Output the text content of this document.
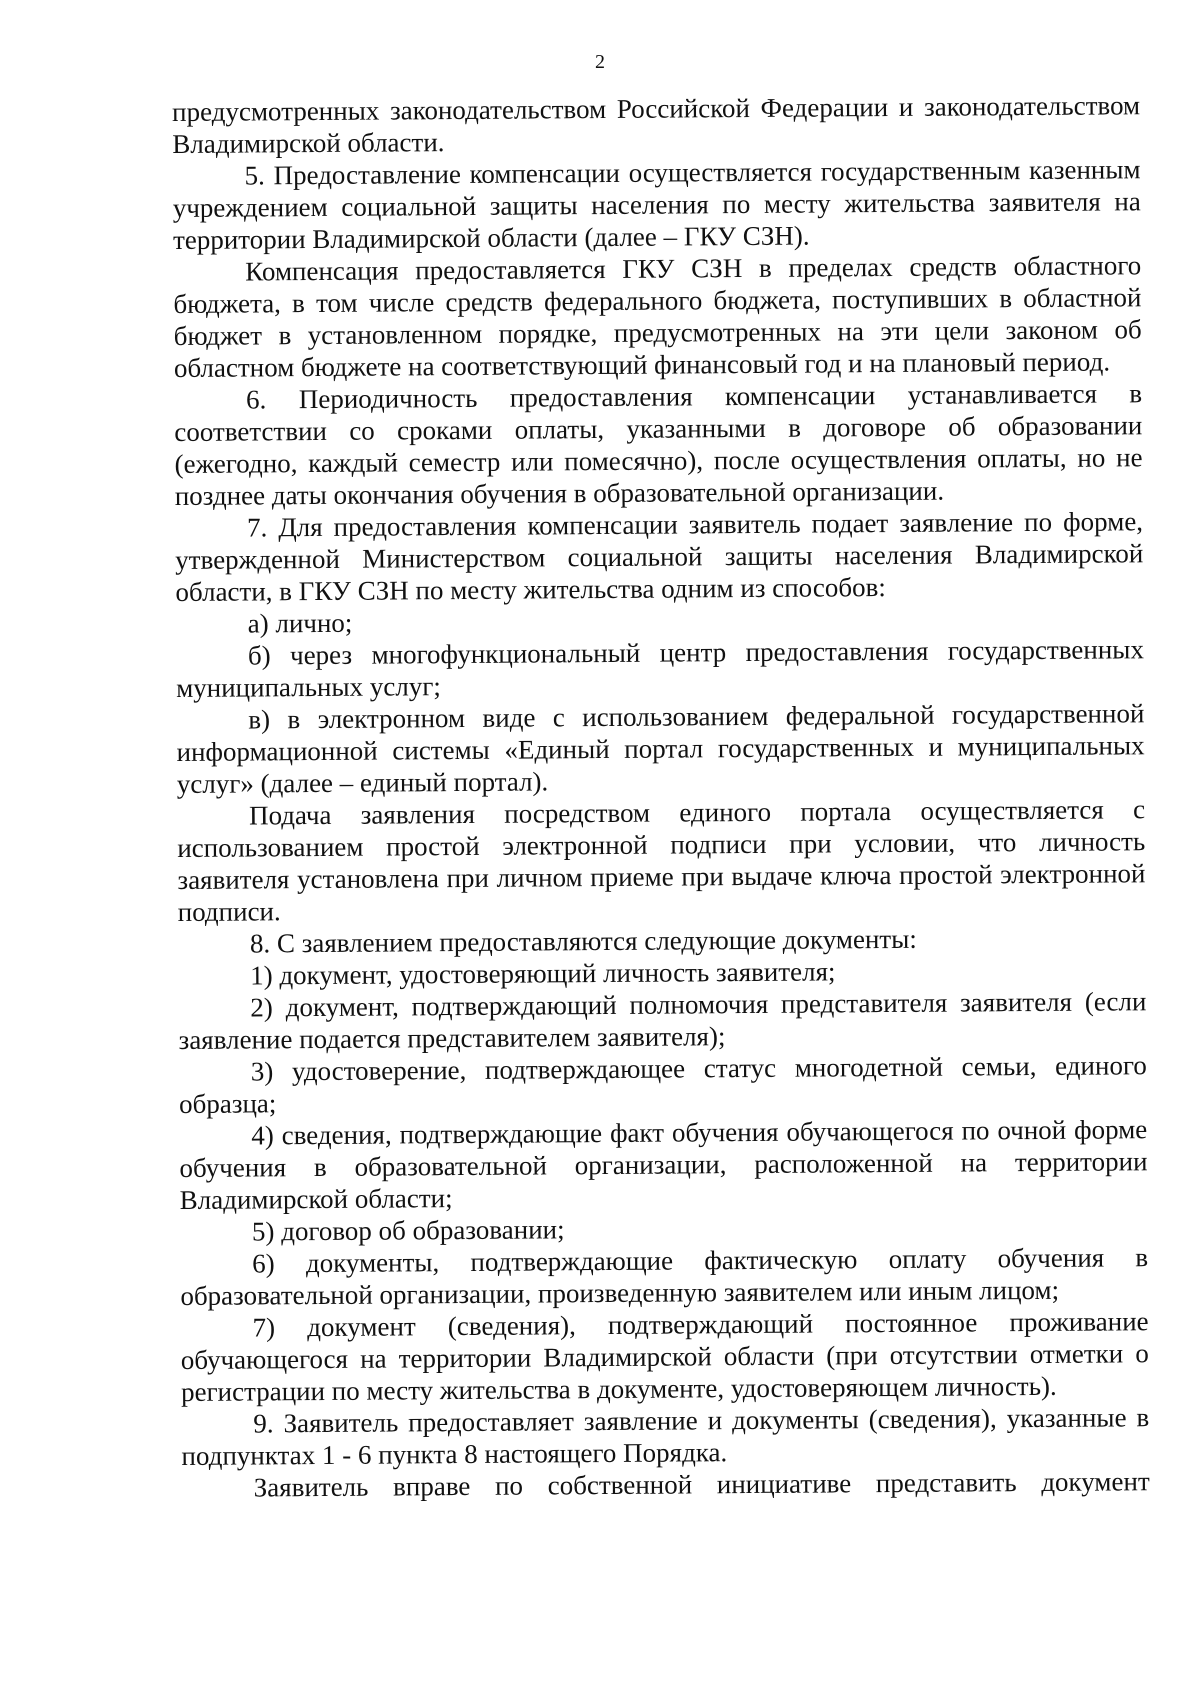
2

предусмотренных законодательством Российской Федерации и законодательством Владимирской области.

5. Предоставление компенсации осуществляется государственным казенным учреждением социальной защиты населения по месту жительства заявителя на территории Владимирской области (далее – ГКУ СЗН).

Компенсация предоставляется ГКУ СЗН в пределах средств областного бюджета, в том числе средств федерального бюджета, поступивших в областной бюджет в установленном порядке, предусмотренных на эти цели законом об областном бюджете на соответствующий финансовый год и на плановый период.

6. Периодичность предоставления компенсации устанавливается в соответствии со сроками оплаты, указанными в договоре об образовании (ежегодно, каждый семестр или помесячно), после осуществления оплаты, но не позднее даты окончания обучения в образовательной организации.

7. Для предоставления компенсации заявитель подает заявление по форме, утвержденной Министерством социальной защиты населения Владимирской области, в ГКУ СЗН по месту жительства одним из способов:

а) лично;

б) через многофункциональный центр предоставления государственных муниципальных услуг;

в) в электронном виде с использованием федеральной государственной информационной системы «Единый портал государственных и муниципальных услуг» (далее – единый портал).

Подача заявления посредством единого портала осуществляется с использованием простой электронной подписи при условии, что личность заявителя установлена при личном приеме при выдаче ключа простой электронной подписи.

8. С заявлением предоставляются следующие документы:

1) документ, удостоверяющий личность заявителя;

2) документ, подтверждающий полномочия представителя заявителя (если заявление подается представителем заявителя);

3) удостоверение, подтверждающее статус многодетной семьи, единого образца;

4) сведения, подтверждающие факт обучения обучающегося по очной форме обучения в образовательной организации, расположенной на территории Владимирской области;

5) договор об образовании;

6) документы, подтверждающие фактическую оплату обучения в образовательной организации, произведенную заявителем или иным лицом;

7) документ (сведения), подтверждающий постоянное проживание обучающегося на территории Владимирской области (при отсутствии отметки о регистрации по месту жительства в документе, удостоверяющем личность).

9. Заявитель предоставляет заявление и документы (сведения), указанные в подпунктах 1 - 6 пункта 8 настоящего Порядка.

Заявитель вправе по собственной инициативе представить документ
